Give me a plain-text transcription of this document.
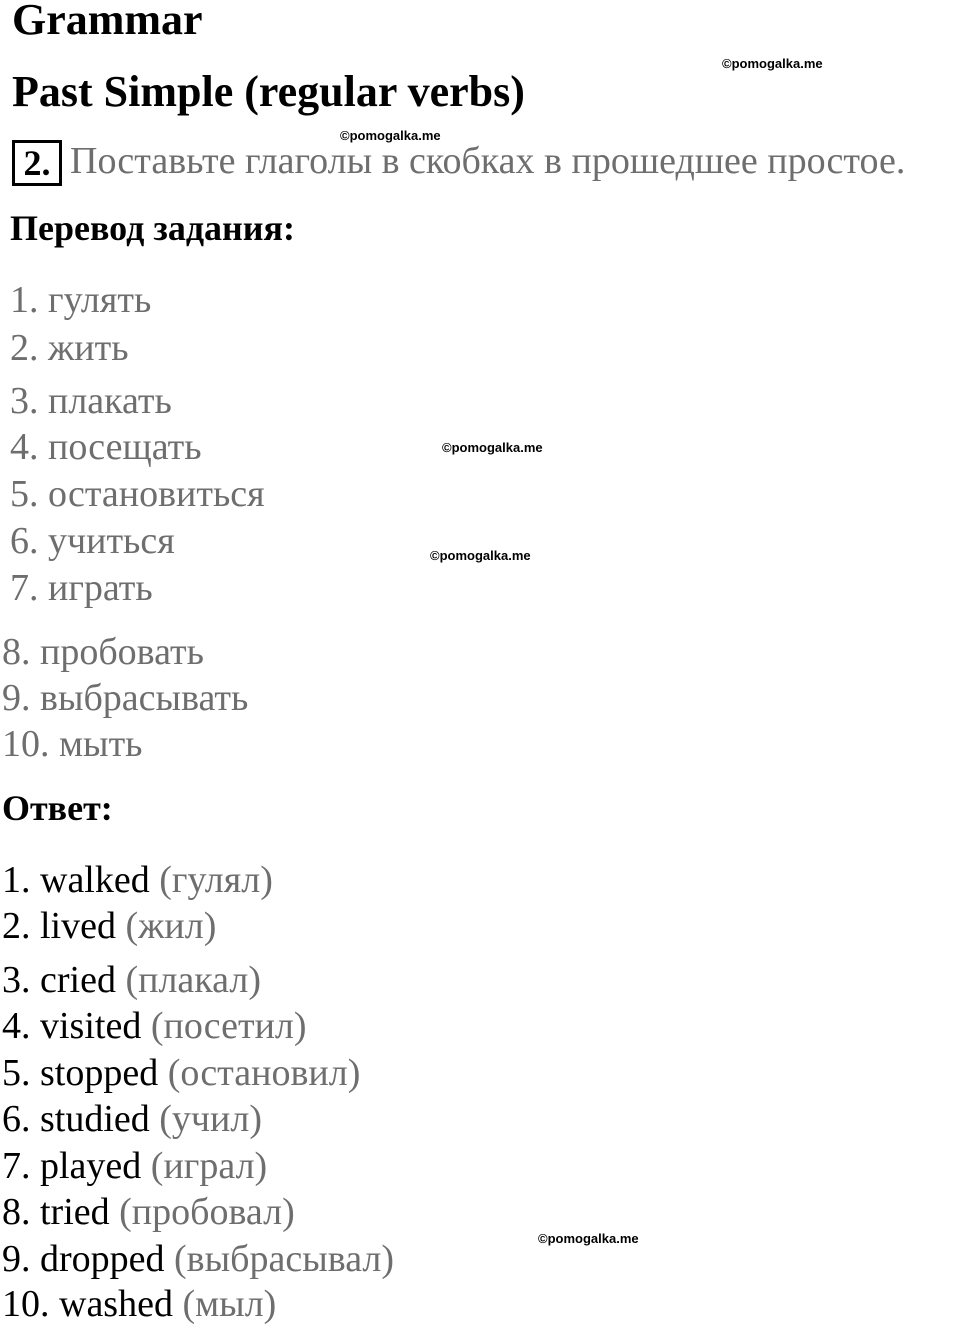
Grammar
©pomogalka.me
Past Simple (regular verbs)
©pomogalka.me
2. Поставьте глаголы в скобках в прошедшее простое.
Перевод задания:
1. гулять
2. жить
3. плакать
4. посещать	©pomogalka.me
5. остановиться
6. учиться	©pomogalka.me
7. играть
8. пробовать
9. выбрасывать
10. мыть
Ответ:
1. walked (гулял)
2. lived (жил)
3. cried (плакал)
4. visited (посетил)
5. stopped (остановил)
6. studied (учил)
7. played (играл)
8. tried (пробовал)
©pomogalka.me
9. dropped (выбрасывал)
10. washed (мыл)
